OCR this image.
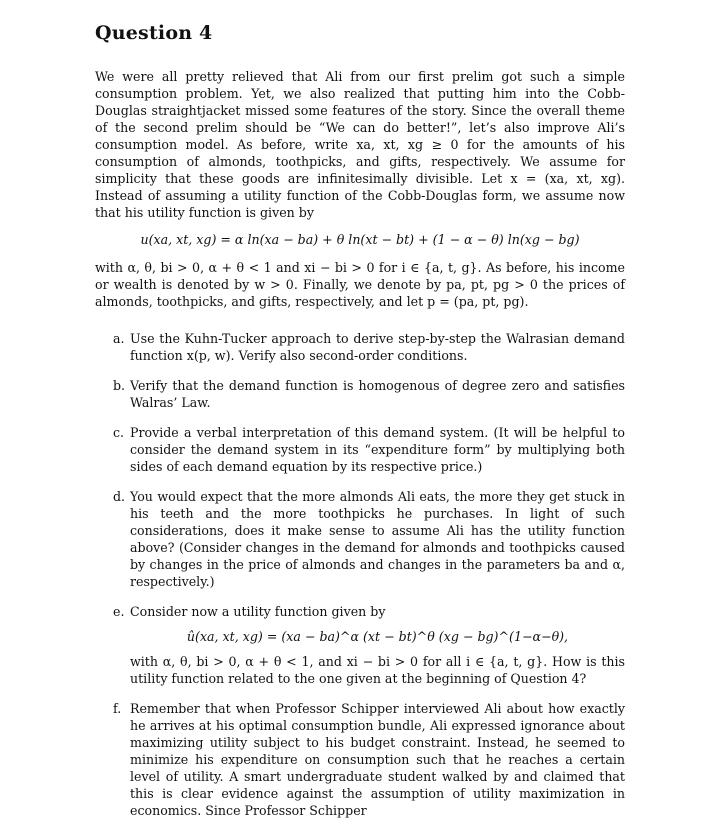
Question 4

We were all pretty relieved that Ali from our first prelim got such a simple consumption problem. Yet, we also realized that putting him into the Cobb-Douglas straightjacket missed some features of the story. Since the overall theme of the second prelim should be “We can do better!”, let’s also improve Ali’s consumption model. As before, write xa, xt, xg ≥ 0 for the amounts of his consumption of almonds, toothpicks, and gifts, respectively. We assume for simplicity that these goods are infinitesimally divisible. Let x = (xa, xt, xg). Instead of assuming a utility function of the Cobb-Douglas form, we assume now that his utility function is given by

u(xa, xt, xg) = α ln(xa − ba) + θ ln(xt − bt) + (1 − α − θ) ln(xg − bg)

with α, θ, bi > 0, α + θ < 1 and xi − bi > 0 for i ∈ {a, t, g}. As before, his income or wealth is denoted by w > 0. Finally, we denote by pa, pt, pg > 0 the prices of almonds, toothpicks, and gifts, respectively, and let p = (pa, pt, pg).

a. Use the Kuhn-Tucker approach to derive step-by-step the Walrasian demand function x(p, w). Verify also second-order conditions.

b. Verify that the demand function is homogenous of degree zero and satisfies Walras’ Law.

c. Provide a verbal interpretation of this demand system. (It will be helpful to consider the demand system in its “expenditure form” by multiplying both sides of each demand equation by its respective price.)

d. You would expect that the more almonds Ali eats, the more they get stuck in his teeth and the more toothpicks he purchases. In light of such considerations, does it make sense to assume Ali has the utility function above? (Consider changes in the demand for almonds and toothpicks caused by changes in the price of almonds and changes in the parameters ba and α, respectively.)

e. Consider now a utility function given by

û(xa, xt, xg) = (xa − ba)^α (xt − bt)^θ (xg − bg)^(1−α−θ),

with α, θ, bi > 0, α + θ < 1, and xi − bi > 0 for all i ∈ {a, t, g}. How is this utility function related to the one given at the beginning of Question 4?

f. Remember that when Professor Schipper interviewed Ali about how exactly he arrives at his optimal consumption bundle, Ali expressed ignorance about maximizing utility subject to his budget constraint. Instead, he seemed to minimize his expenditure on consumption such that he reaches a certain level of utility. A smart undergraduate student walked by and claimed that this is clear evidence against the assumption of utility maximization in economics. Since Professor Schipper
